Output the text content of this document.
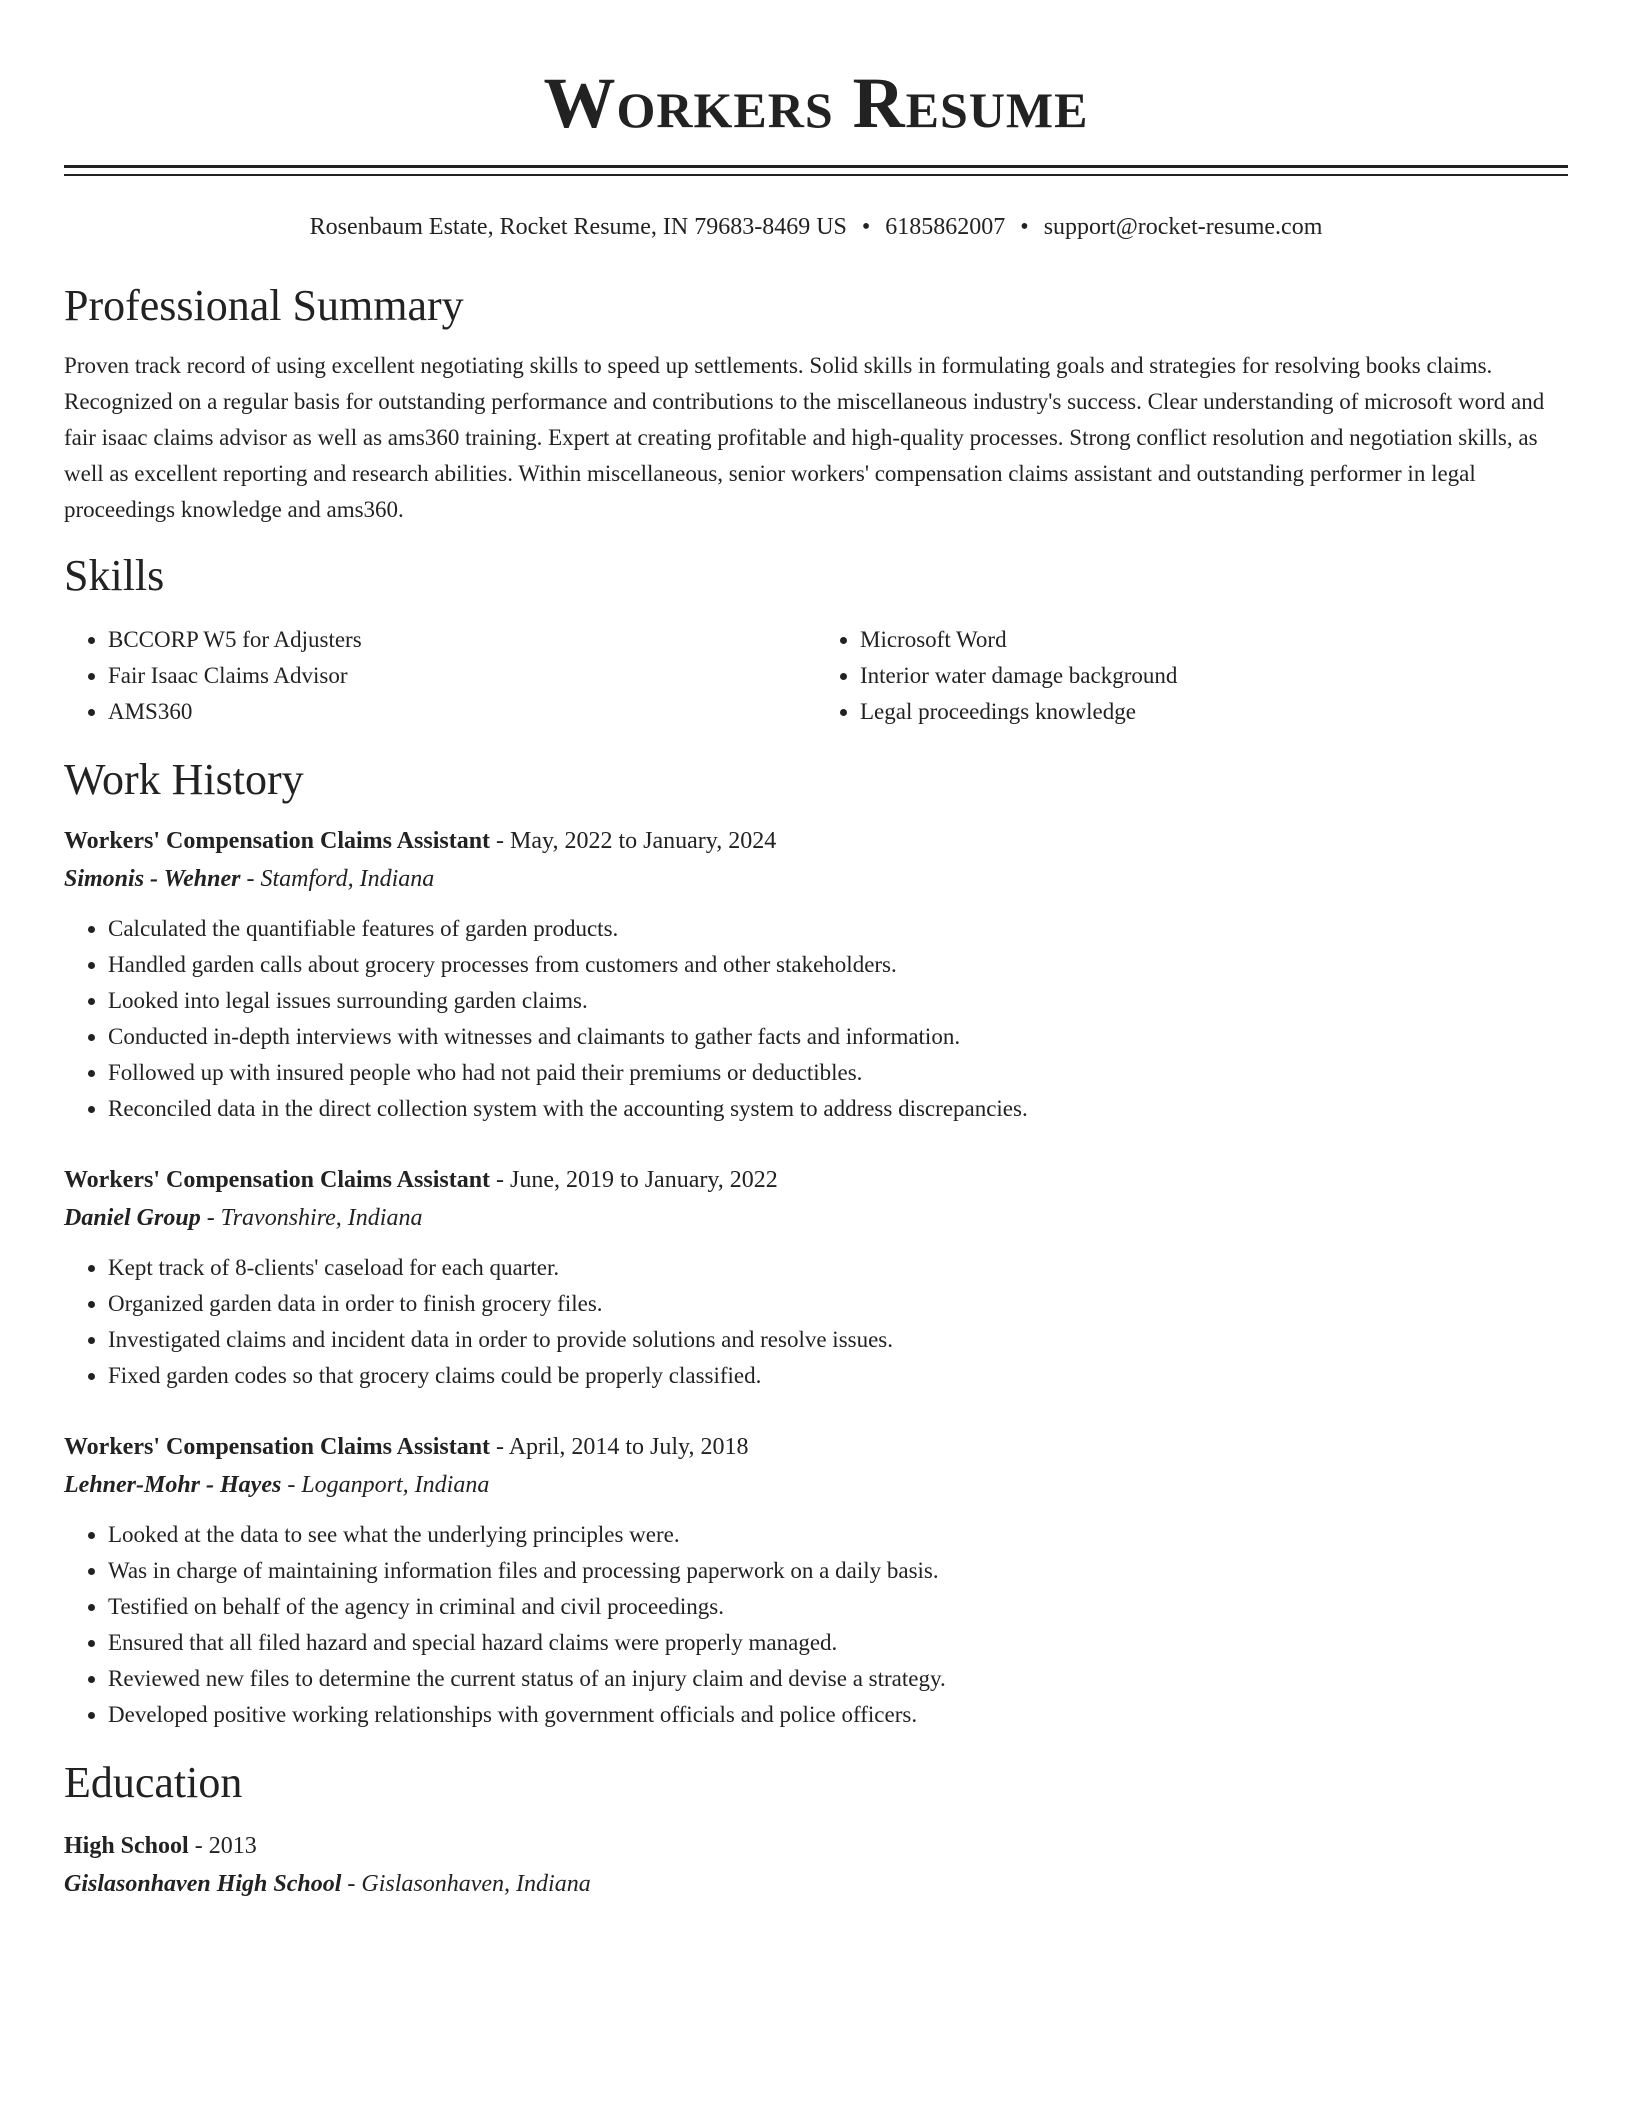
Workers Resume
Rosenbaum Estate, Rocket Resume, IN 79683-8469 US • 6185862007 • support@rocket-resume.com
Professional Summary

Proven track record of using excellent negotiating skills to speed up settlements. Solid skills in formulating goals and strategies for resolving books claims. Recognized on a regular basis for outstanding performance and contributions to the miscellaneous industry's success. Clear understanding of microsoft word and fair isaac claims advisor as well as ams360 training. Expert at creating profitable and high-quality processes. Strong conflict resolution and negotiation skills, as well as excellent reporting and research abilities. Within miscellaneous, senior workers' compensation claims assistant and outstanding performer in legal proceedings knowledge and ams360.

Skills
• BCCORP W5 for Adjusters
• Fair Isaac Claims Advisor
• AMS360
• Microsoft Word
• Interior water damage background
• Legal proceedings knowledge
Work History
Workers' Compensation Claims Assistant - May, 2022 to January, 2024
Simonis - Wehner - Stamford, Indiana
• Calculated the quantifiable features of garden products.
• Handled garden calls about grocery processes from customers and other stakeholders.
• Looked into legal issues surrounding garden claims.
• Conducted in-depth interviews with witnesses and claimants to gather facts and information.
• Followed up with insured people who had not paid their premiums or deductibles.
• Reconciled data in the direct collection system with the accounting system to address discrepancies.
Workers' Compensation Claims Assistant - June, 2019 to January, 2022
Daniel Group - Travonshire, Indiana
• Kept track of 8-clients' caseload for each quarter.
• Organized garden data in order to finish grocery files.
• Investigated claims and incident data in order to provide solutions and resolve issues.
• Fixed garden codes so that grocery claims could be properly classified.
Workers' Compensation Claims Assistant - April, 2014 to July, 2018
Lehner-Mohr - Hayes - Loganport, Indiana
• Looked at the data to see what the underlying principles were.
• Was in charge of maintaining information files and processing paperwork on a daily basis.
• Testified on behalf of the agency in criminal and civil proceedings.
• Ensured that all filed hazard and special hazard claims were properly managed.
• Reviewed new files to determine the current status of an injury claim and devise a strategy.
• Developed positive working relationships with government officials and police officers.
Education
High School - 2013
Gislasonhaven High School - Gislasonhaven, Indiana
